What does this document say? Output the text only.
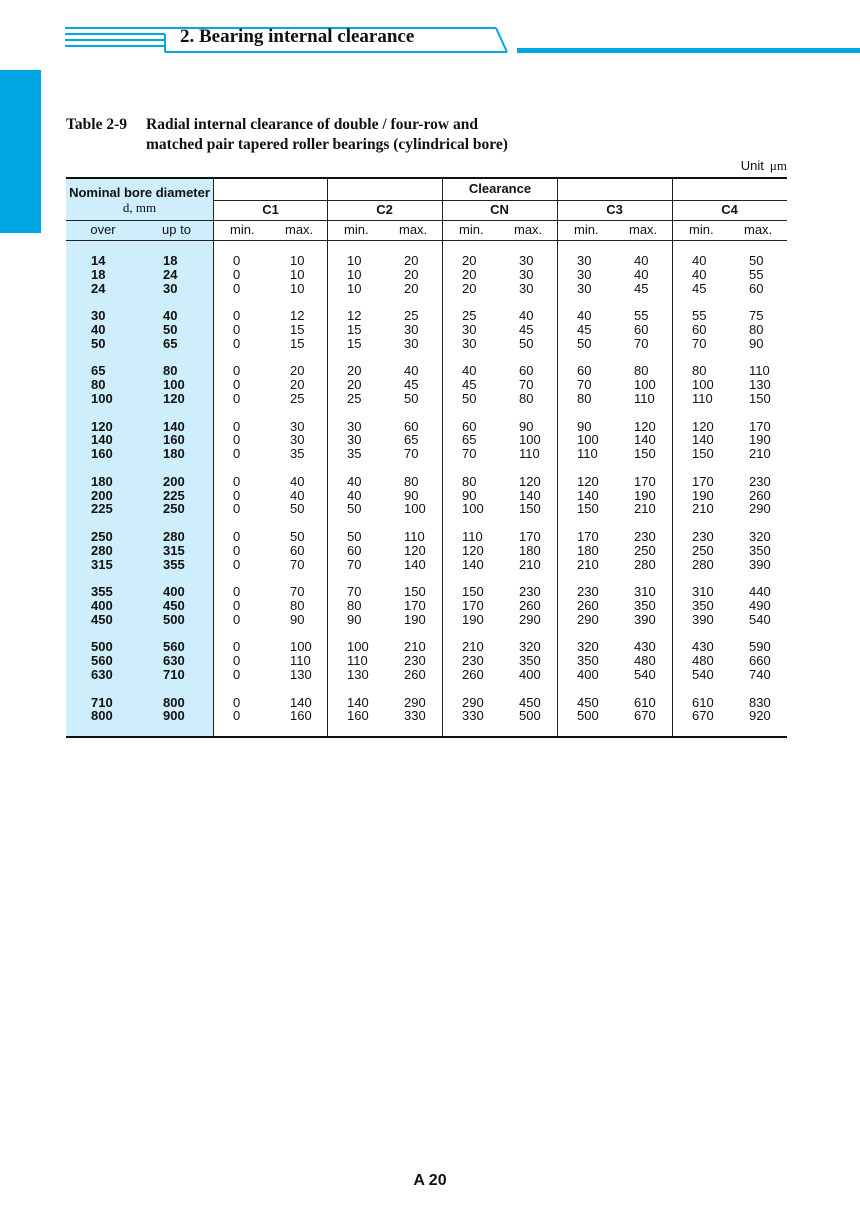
2. Bearing internal clearance
Table 2-9 Radial internal clearance of double / four-row and
matched pair tapered roller bearings (cylindrical bore)
Unit μm
Nominal bore diameter
d, mm
Clearance
over	up to
C1
min. max.
C2
min. max.
CN
min. max.
C3
min. max.
C4
min. max.
14	18	0	10	10	20	20	30	30	40	40	50
18	24	0	10	10	20	20	30	30	40	40	55
24	30	0	10	10	20	20	30	30	45	45	60
30	40	0	12	12	25	25	40	40	55	55	75
40	50	0	15	15	30	30	45	45	60	60	80
50	65	0	15	15	30	30	50	50	70	70	90
65	80	0	20	20	40	40	60	60	80	80	110
80	100	0	20	20	45	45	70	70	100	100	130
100	120	0	25	25	50	50	80	80	110	110	150
120	140	0	30	30	60	60	90	90	120	120	170
140	160	0	30	30	65	65	100	100	140	140	190
160	180	0	35	35	70	70	110	110	150	150	210
180	200	0	40	40	80	80	120	120	170	170	230
200	225	0	40	40	90	90	140	140	190	190	260
225	250	0	50	50	100	100	150	150	210	210	290
250	280	0	50	50	110	110	170	170	230	230	320
280	315	0	60	60	120	120	180	180	250	250	350
315	355	0	70	70	140	140	210	210	280	280	390
355	400	0	70	70	150	150	230	230	310	310	440
400	450	0	80	80	170	170	260	260	350	350	490
450	500	0	90	90	190	190	290	290	390	390	540
500	560	0	100	100	210	210	320	320	430	430	590
560	630	0	110	110	230	230	350	350	480	480	660
630	710	0	130	130	260	260	400	400	540	540	740
710	800	0	140	140	290	290	450	450	610	610	830
800	900	0	160	160	330	330	500	500	670	670	920
A 20
